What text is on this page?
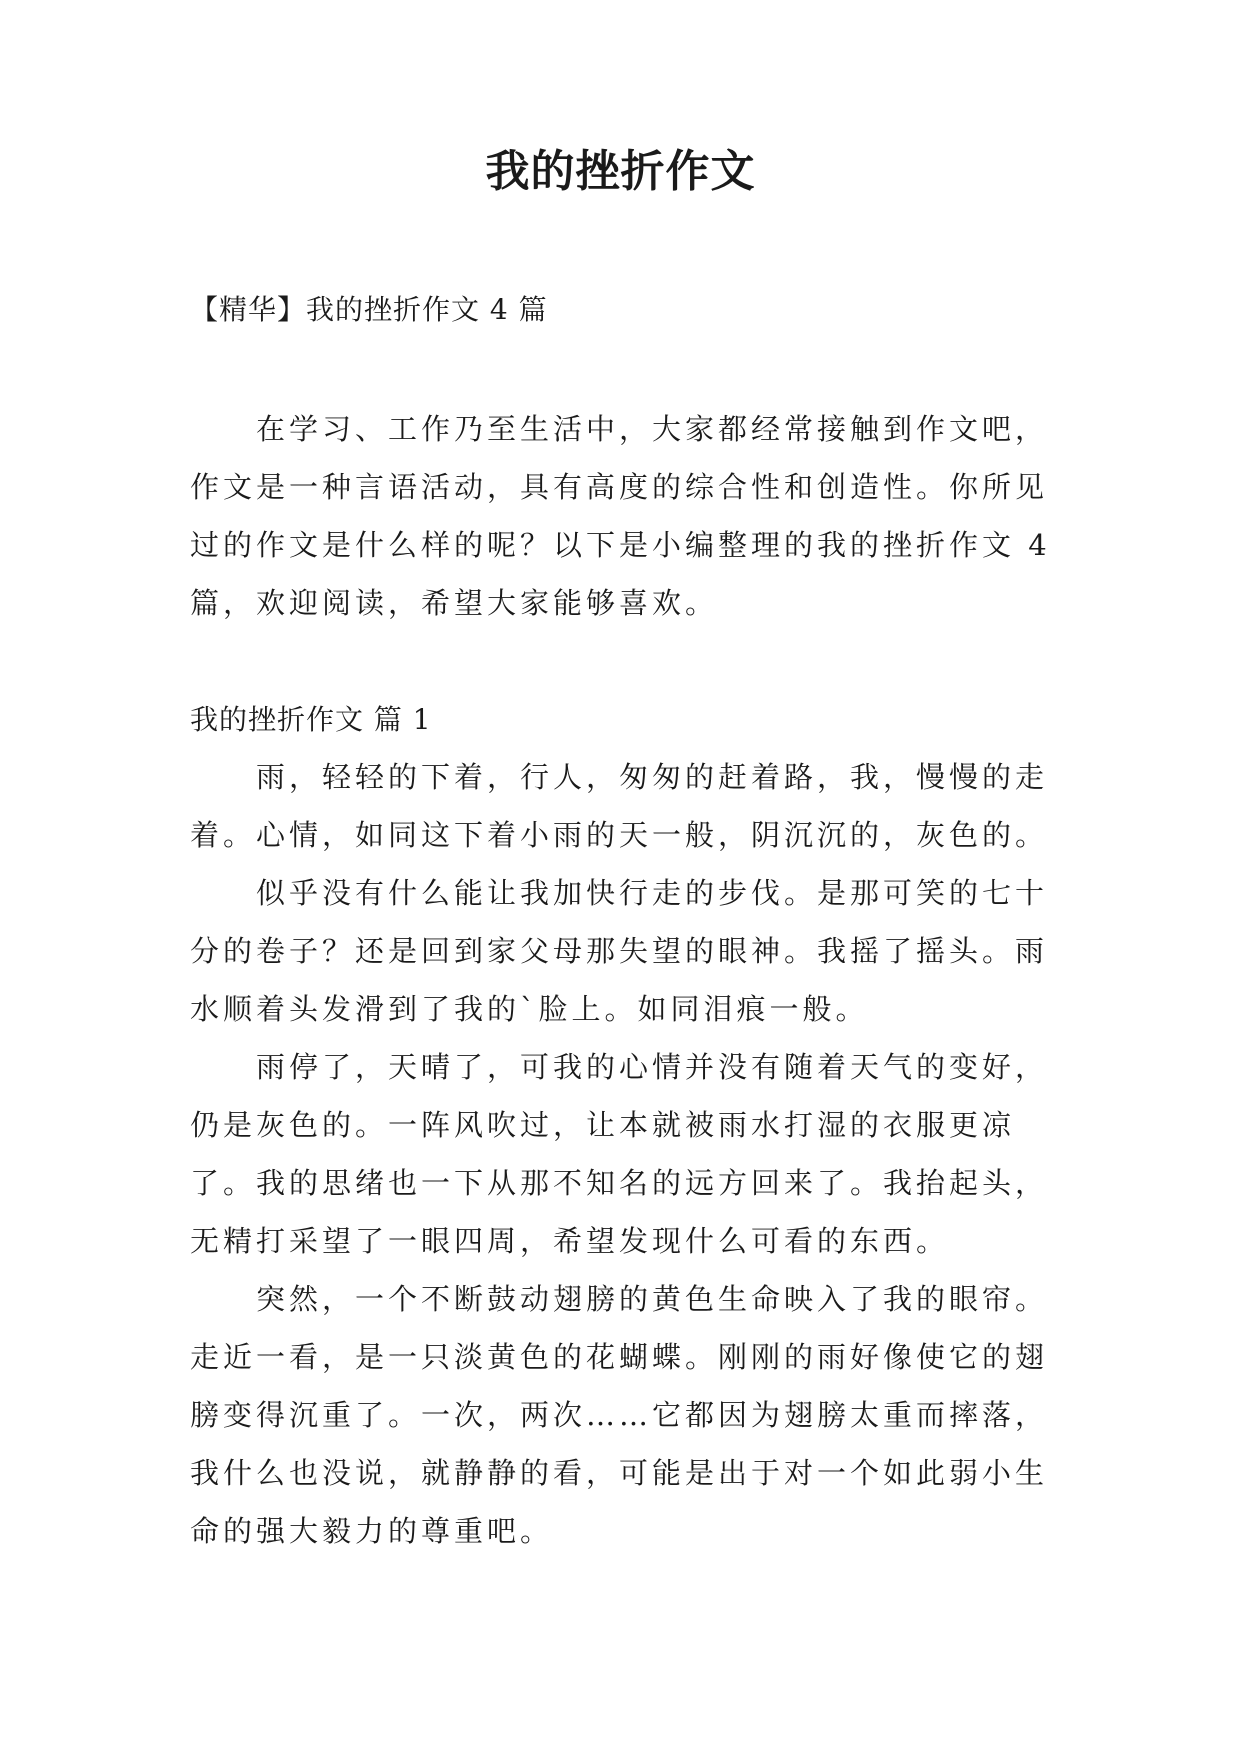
我的挫折作文
【精华】我的挫折作文 4 篇

在学习、工作乃至生活中，大家都经常接触到作文吧，作文是一种言语活动，具有高度的综合性和创造性。你所见过的作文是什么样的呢？以下是小编整理的我的挫折作文 4 篇，欢迎阅读，希望大家能够喜欢。

我的挫折作文 篇 1

雨，轻轻的下着，行人，匆匆的赶着路，我，慢慢的走着。心情，如同这下着小雨的天一般，阴沉沉的，灰色的。

似乎没有什么能让我加快行走的步伐。是那可笑的七十分的卷子？还是回到家父母那失望的眼神。我摇了摇头。雨水顺着头发滑到了我的`脸上。如同泪痕一般。

雨停了，天晴了，可我的心情并没有随着天气的变好，仍是灰色的。一阵风吹过，让本就被雨水打湿的衣服更凉了。我的思绪也一下从那不知名的远方回来了。我抬起头，无精打采望了一眼四周，希望发现什么可看的东西。

突然，一个不断鼓动翅膀的黄色生命映入了我的眼帘。走近一看，是一只淡黄色的花蝴蝶。刚刚的雨好像使它的翅膀变得沉重了。一次，两次……它都因为翅膀太重而摔落，我什么也没说，就静静的看，可能是出于对一个如此弱小生命的强大毅力的尊重吧。
